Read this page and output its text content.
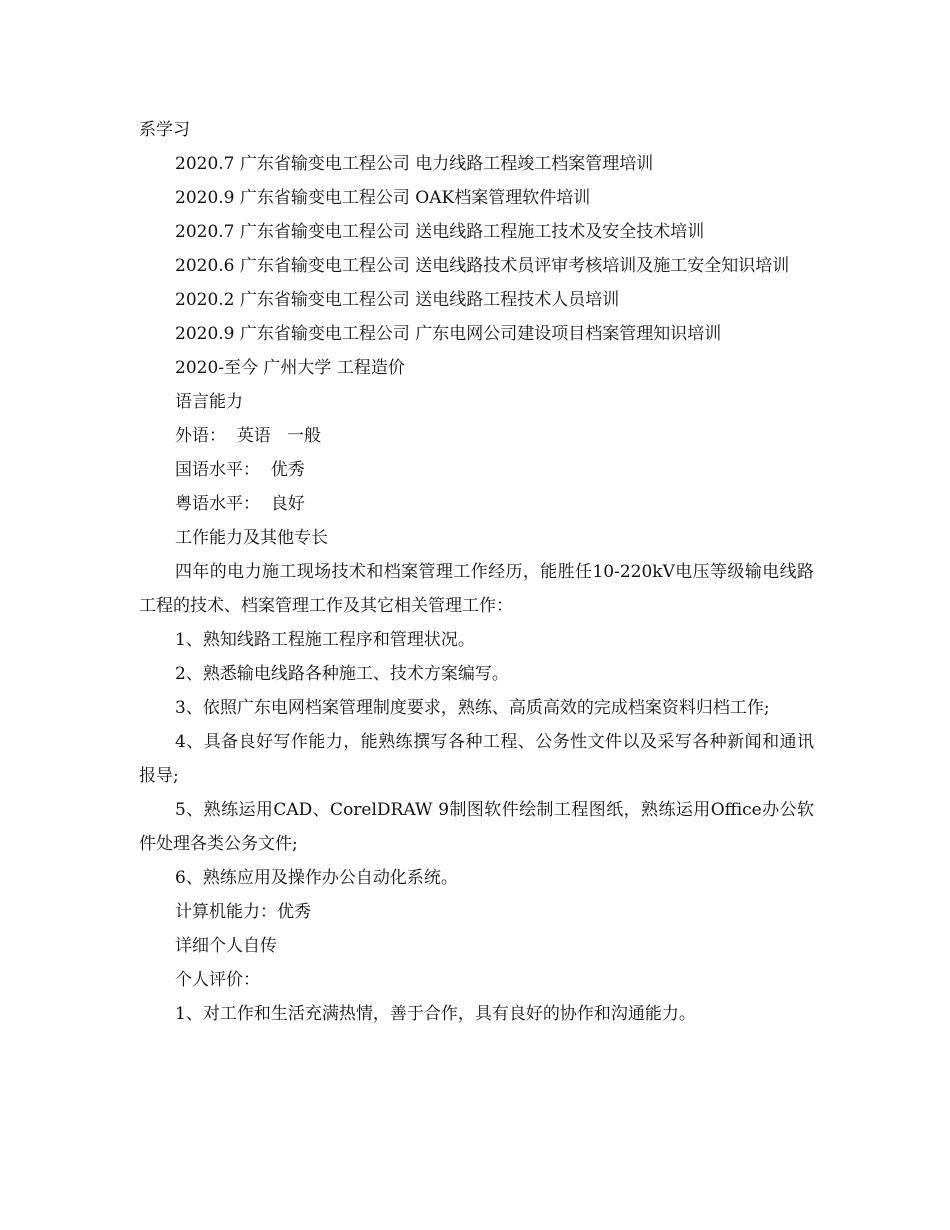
系学习

2020.7 广东省输变电工程公司 电力线路工程竣工档案管理培训

2020.9 广东省输变电工程公司 OAK档案管理软件培训

2020.7 广东省输变电工程公司 送电线路工程施工技术及安全技术培训

2020.6 广东省输变电工程公司 送电线路技术员评审考核培训及施工安全知识培训

2020.2 广东省输变电工程公司 送电线路工程技术人员培训

2020.9 广东省输变电工程公司 广东电网公司建设项目档案管理知识培训

2020-至今 广州大学 工程造价

语言能力

外语：  英语   一般

国语水平：  优秀

粤语水平：  良好

工作能力及其他专长

四年的电力施工现场技术和档案管理工作经历，能胜任10-220kV电压等级输电线路工程的技术、档案管理工作及其它相关管理工作：

1、熟知线路工程施工程序和管理状况。

2、熟悉输电线路各种施工、技术方案编写。

3、依照广东电网档案管理制度要求，熟练、高质高效的完成档案资料归档工作;

4、具备良好写作能力，能熟练撰写各种工程、公务性文件以及采写各种新闻和通讯报导;

5、熟练运用CAD、CorelDRAW 9制图软件绘制工程图纸，熟练运用Office办公软件处理各类公务文件;

6、熟练应用及操作办公自动化系统。

计算机能力：优秀

详细个人自传

个人评价：

1、对工作和生活充满热情，善于合作，具有良好的协作和沟通能力。
